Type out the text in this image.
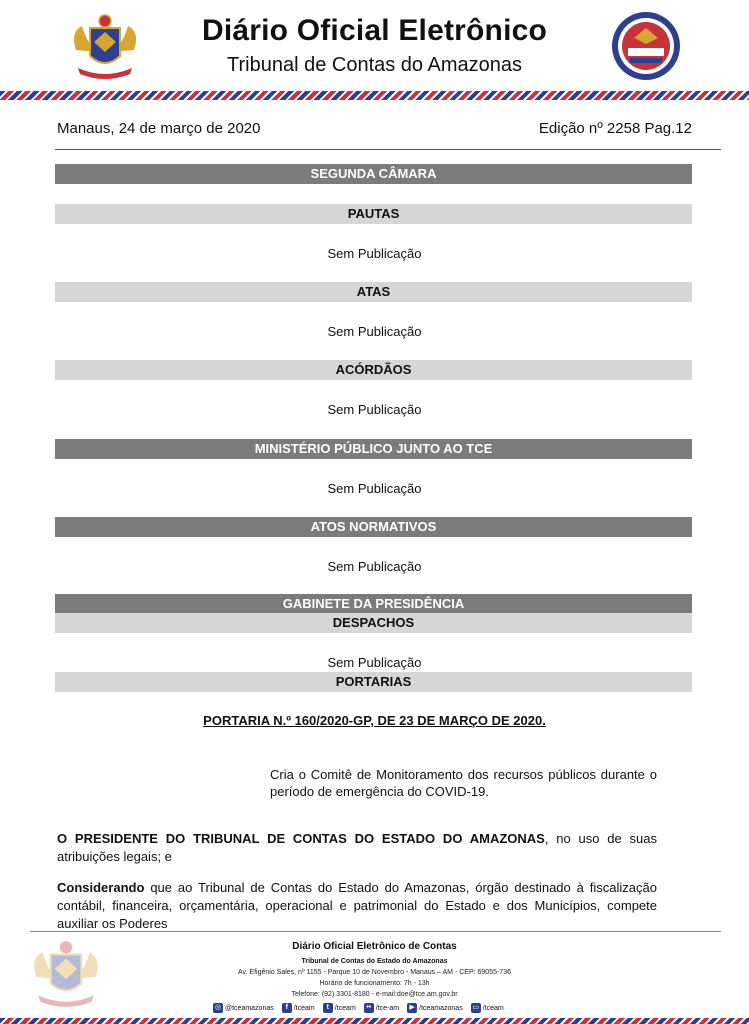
Diário Oficial Eletrônico
Tribunal de Contas do Amazonas
Manaus, 24 de março de 2020	Edição nº 2258 Pag.12
SEGUNDA CÂMARA
PAUTAS
Sem Publicação
ATAS
Sem Publicação
ACÓRDÃOS
Sem Publicação
MINISTÉRIO PÚBLICO JUNTO AO TCE
Sem Publicação
ATOS NORMATIVOS
Sem Publicação
GABINETE DA PRESIDÊNCIA
DESPACHOS
Sem Publicação
PORTARIAS
PORTARIA N.º 160/2020-GP, DE 23 DE MARÇO DE 2020.
Cria o Comitê de Monitoramento dos recursos públicos durante o período de emergência do COVID-19.
O PRESIDENTE DO TRIBUNAL DE CONTAS DO ESTADO DO AMAZONAS, no uso de suas atribuições legais; e
Considerando que ao Tribunal de Contas do Estado do Amazonas, órgão destinado à fiscalização contábil, financeira, orçamentária, operacional e patrimonial do Estado e dos Municípios, compete auxiliar os Poderes
Diário Oficial Eletrônico de Contas
Tribunal de Contas do Estado do Amazonas
Av. Efigênio Sales, nº 1155 - Parque 10 de Novembro - Manaus – AM - CEP: 69055-736
Horário de funcionamento: 7h - 13h
Telefone: (92) 3301-8180 - e-mail:doe@tce.am.gov.br
◎ @tceamazonas	f /tceam	t /tceam	•• /tce-am	▶ /tceamazonas ▭ /tceam
